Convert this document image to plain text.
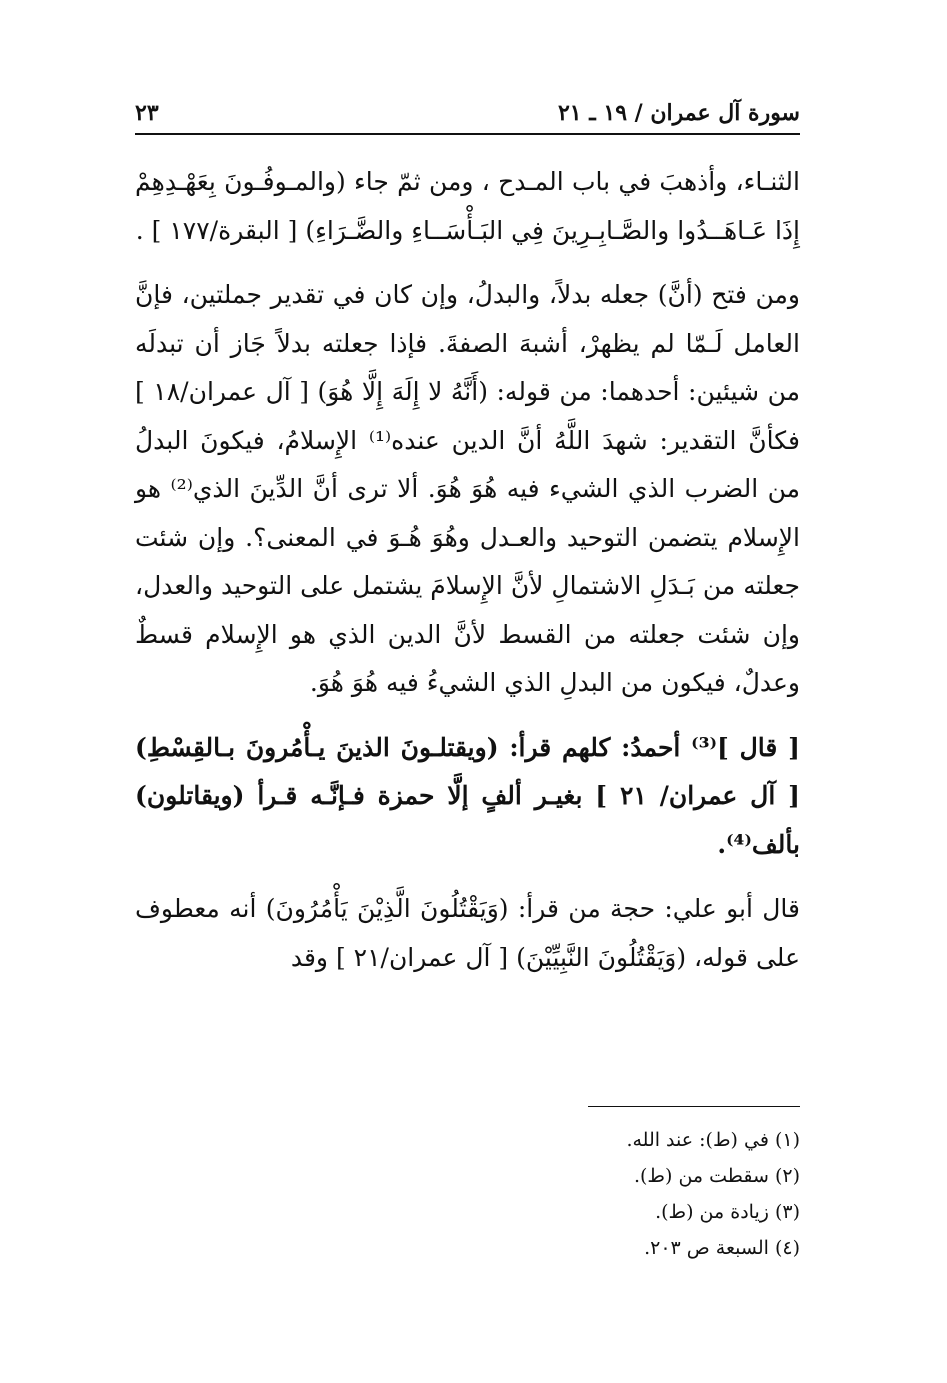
سورة آل عمران / ١٩ ـ ٢١
٢٣

الثنـاء، وأذهبَ في باب المـدح ، ومن ثمّ جاء (والمـوفُـونَ بِعَهْـدِهِمْ إِذَا عَـاهَــدُوا والصَّـابِـرِينَ فِي البَـأْسَــاءِ والضَّـرَاءِ) [ البقرة/١٧٧ ] .

ومن فتح (أنَّ) جعله بدلاً، والبدلُ، وإن كان في تقدير جملتين، فإنَّ العامل لَـمّا لم يظهرْ، أشبهَ الصفةَ. فإذا جعلته بدلاً جَاز أن تبدلَه من شيئين: أحدهما: من قوله: (أَنَّهُ لا إِلَهَ إِلَّا هُوَ) [ آل عمران/١٨ ] فكأنَّ التقدير: شهدَ اللَّهُ أنَّ الدين عنده⁽¹⁾ الإِسلامُ، فيكونَ البدلُ من الضرب الذي الشيء فيه هُوَ هُوَ. ألا ترى أنَّ الدِّينَ الذي⁽²⁾ هو الإِسلام يتضمن التوحيد والعـدل وهُوَ هُـوَ في المعنى؟. وإن شئت جعلته من بَـدَلِ الاشتمالِ لأنَّ الإِسلامَ يشتمل على التوحيد والعدل، وإن شئت جعلته من القسط لأنَّ الدين الذي هو الإِسلام قسطٌ وعدلٌ، فيكون من البدلِ الذي الشيءُ فيه هُوَ هُوَ.

[ قال ]⁽³⁾ أحمدُ: كلهم قرأ: (ويقتلـونَ الذينَ يـأْمُرونَ بـالقِسْطِ) [ آل عمران/ ٢١ ] بغيـر ألفٍ إلَّا حمزة فـإنَّـه قـرأ (ويقاتلون) بألف⁽⁴⁾.

قال أبو علي: حجة من قرأ: (وَيَقْتُلُونَ الَّذِيْنَ يَأْمُرُونَ) أنه معطوف على قوله، (وَيَقْتُلُونَ النَّبِيِّيْنَ) [ آل عمران/٢١ ] وقد

(١) في (ط): عند الله.
(٢) سقطت من (ط).
(٣) زيادة من (ط).
(٤) السبعة ص ٢٠٣.
